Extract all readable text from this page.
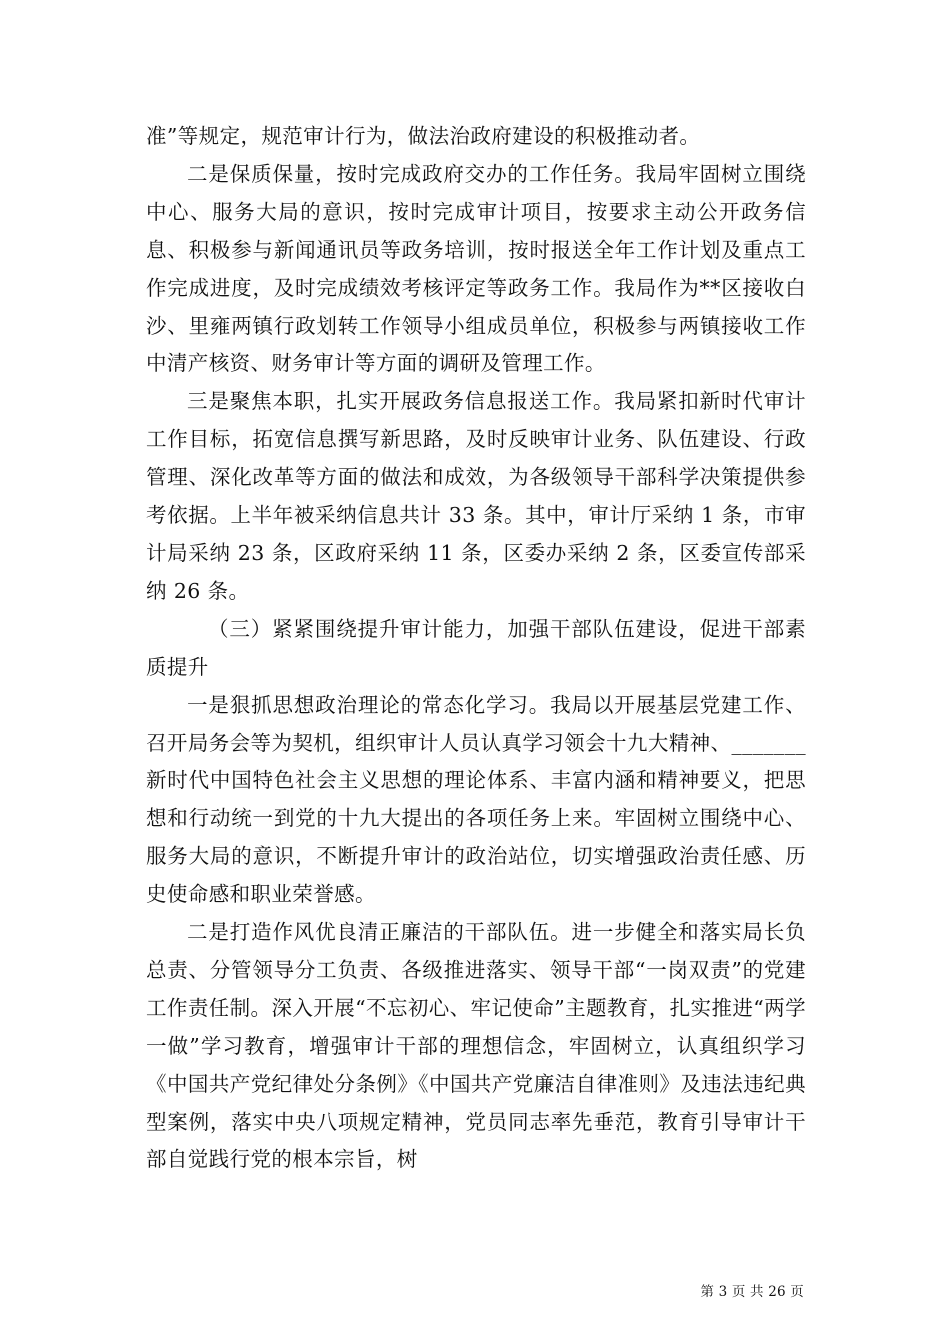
准”等规定，规范审计行为，做法治政府建设的积极推动者。

二是保质保量，按时完成政府交办的工作任务。我局牢固树立围绕中心、服务大局的意识，按时完成审计项目，按要求主动公开政务信息、积极参与新闻通讯员等政务培训，按时报送全年工作计划及重点工作完成进度，及时完成绩效考核评定等政务工作。我局作为**区接收白沙、里雍两镇行政划转工作领导小组成员单位，积极参与两镇接收工作中清产核资、财务审计等方面的调研及管理工作。

三是聚焦本职，扎实开展政务信息报送工作。我局紧扣新时代审计工作目标，拓宽信息撰写新思路，及时反映审计业务、队伍建设、行政管理、深化改革等方面的做法和成效，为各级领导干部科学决策提供参考依据。上半年被采纳信息共计 33 条。其中，审计厅采纳 1 条，市审计局采纳 23 条，区政府采纳 11 条，区委办采纳 2 条，区委宣传部采纳 26 条。

（三）紧紧围绕提升审计能力，加强干部队伍建设，促进干部素质提升

一是狠抓思想政治理论的常态化学习。我局以开展基层党建工作、召开局务会等为契机，组织审计人员认真学习领会十九大精神、_______新时代中国特色社会主义思想的理论体系、丰富内涵和精神要义，把思想和行动统一到党的十九大提出的各项任务上来。牢固树立围绕中心、服务大局的意识，不断提升审计的政治站位，切实增强政治责任感、历史使命感和职业荣誉感。

二是打造作风优良清正廉洁的干部队伍。进一步健全和落实局长负总责、分管领导分工负责、各级推进落实、领导干部“一岗双责”的党建工作责任制。深入开展“不忘初心、牢记使命”主题教育，扎实推进“两学一做”学习教育，增强审计干部的理想信念，牢固树立，认真组织学习《中国共产党纪律处分条例》《中国共产党廉洁自律准则》及违法违纪典型案例，落实中央八项规定精神，党员同志率先垂范，教育引导审计干部自觉践行党的根本宗旨，树

第 3 页 共 26 页
